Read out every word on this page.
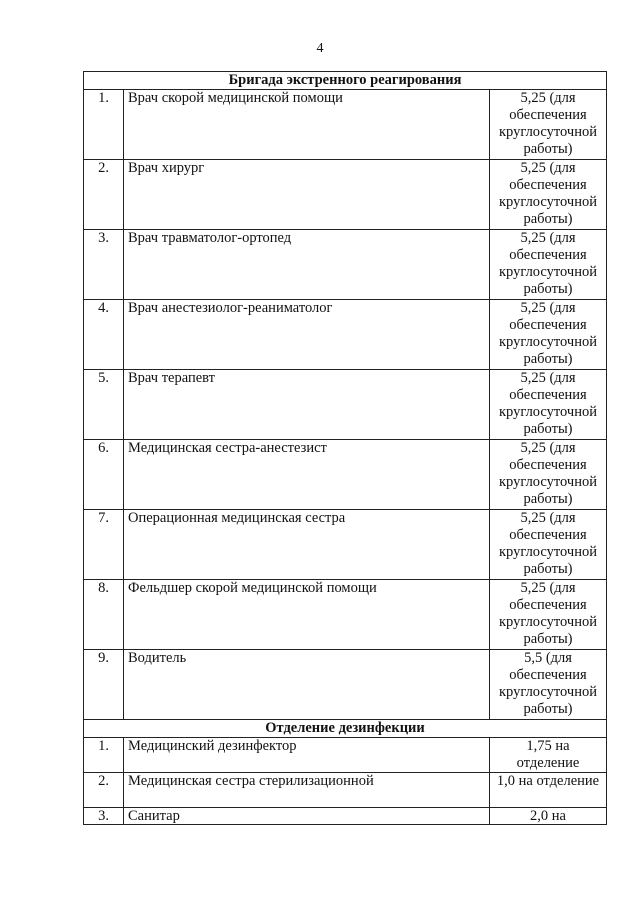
4
Бригада экстренного реагирования		
1.	Врач скорой медицинской помощи	5,25 (для обеспечения круглосуточной работы)
2.	Врач хирург	5,25 (для обеспечения круглосуточной работы)
3.	Врач травматолог-ортопед	5,25 (для обеспечения круглосуточной работы)
4.	Врач анестезиолог-реаниматолог	5,25 (для обеспечения круглосуточной работы)
5.	Врач терапевт	5,25 (для обеспечения круглосуточной работы)
6.	Медицинская сестра-анестезист	5,25 (для обеспечения круглосуточной работы)
7.	Операционная медицинская сестра	5,25 (для обеспечения круглосуточной работы)
8.	Фельдшер скорой медицинской помощи	5,25 (для обеспечения круглосуточной работы)
9.	Водитель	5,5 (для обеспечения круглосуточной работы)
Отделение дезинфекции		
1.	Медицинский дезинфектор	1,75 на отделение
2.	Медицинская сестра стерилизационной	1,0 на отделение
3.	Санитар	2,0 на
